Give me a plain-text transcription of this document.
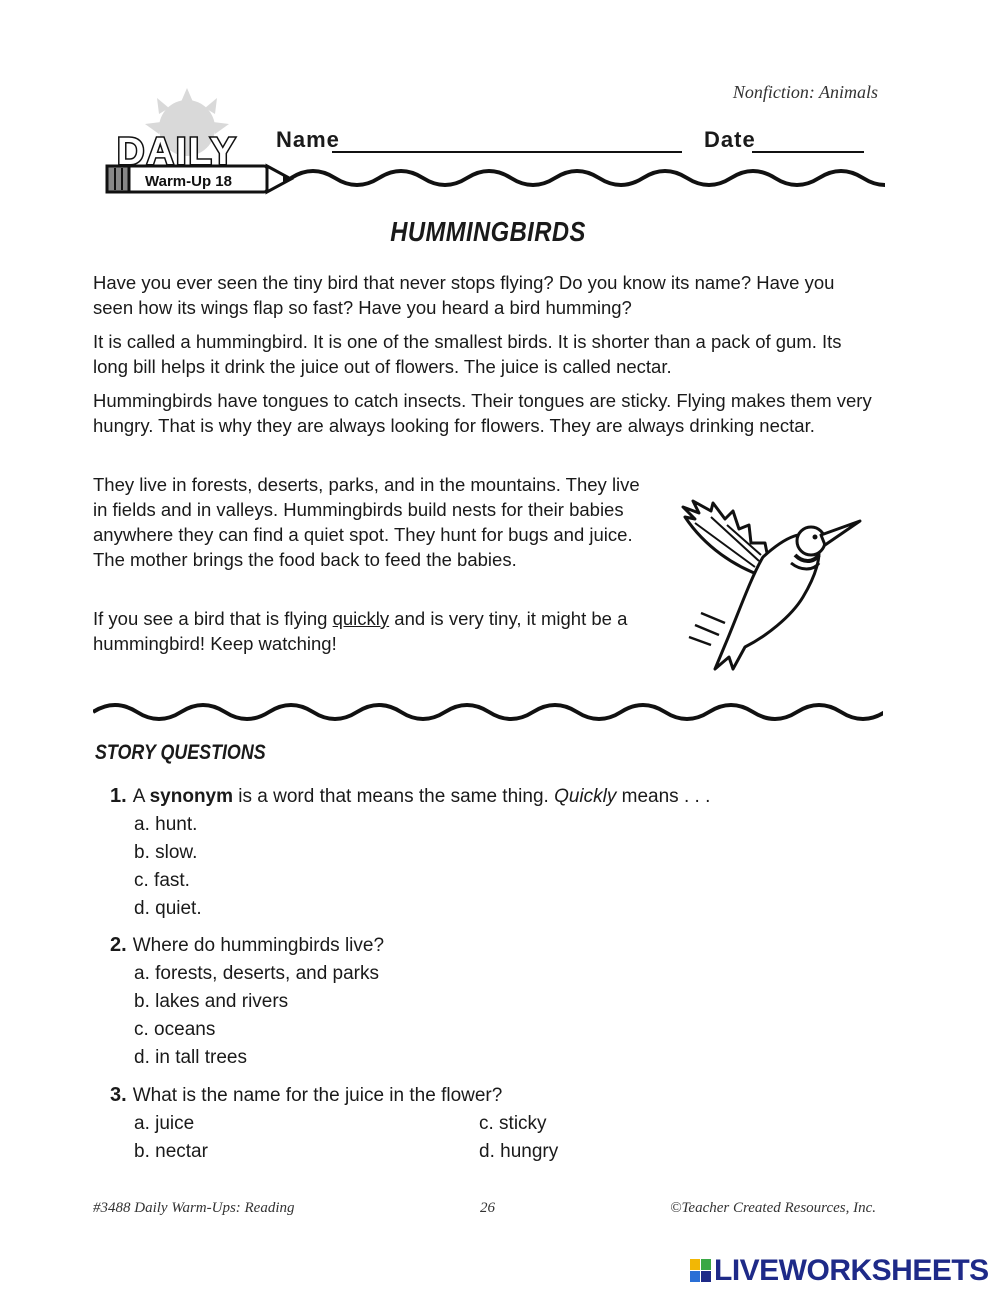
Nonfiction: Animals
Warm-Up 18
DAILY Name	Date
HUMMINGBIRDS

Have you ever seen the tiny bird that never stops flying? Do you know its name? Have you seen how its wings flap so fast? Have you heard a bird humming?

It is called a hummingbird. It is one of the smallest birds. It is shorter than a pack of gum. Its long bill helps it drink the juice out of flowers. The juice is called nectar.

Hummingbirds have tongues to catch insects. Their tongues are sticky. Flying makes them very hungry. That is why they are always looking for flowers. They are always drinking nectar.

They live in forests, deserts, parks, and in the mountains. They live in fields and in valleys. Hummingbirds build nests for their babies anywhere they can find a quiet spot. They hunt for bugs and juice. The mother brings the food back to feed the babies.

If you see a bird that is flying quickly and is very tiny, it might be a hummingbird! Keep watching!

STORY QUESTIONS
1. A synonym is a word that means the same thing. Quickly means . . .
a. hunt.
b. slow.
c. fast.
d. quiet.
2. Where do hummingbirds live?
a. forests, deserts, and parks
b. lakes and rivers
c. oceans
d. in tall trees
3. What is the name for the juice in the flower?
a. juice
b. nectar
c. sticky
d. hungry
#3488 Daily Warm-Ups: Reading	26	©Teacher Created Resources, Inc.
LIVEWORKSHEETS
